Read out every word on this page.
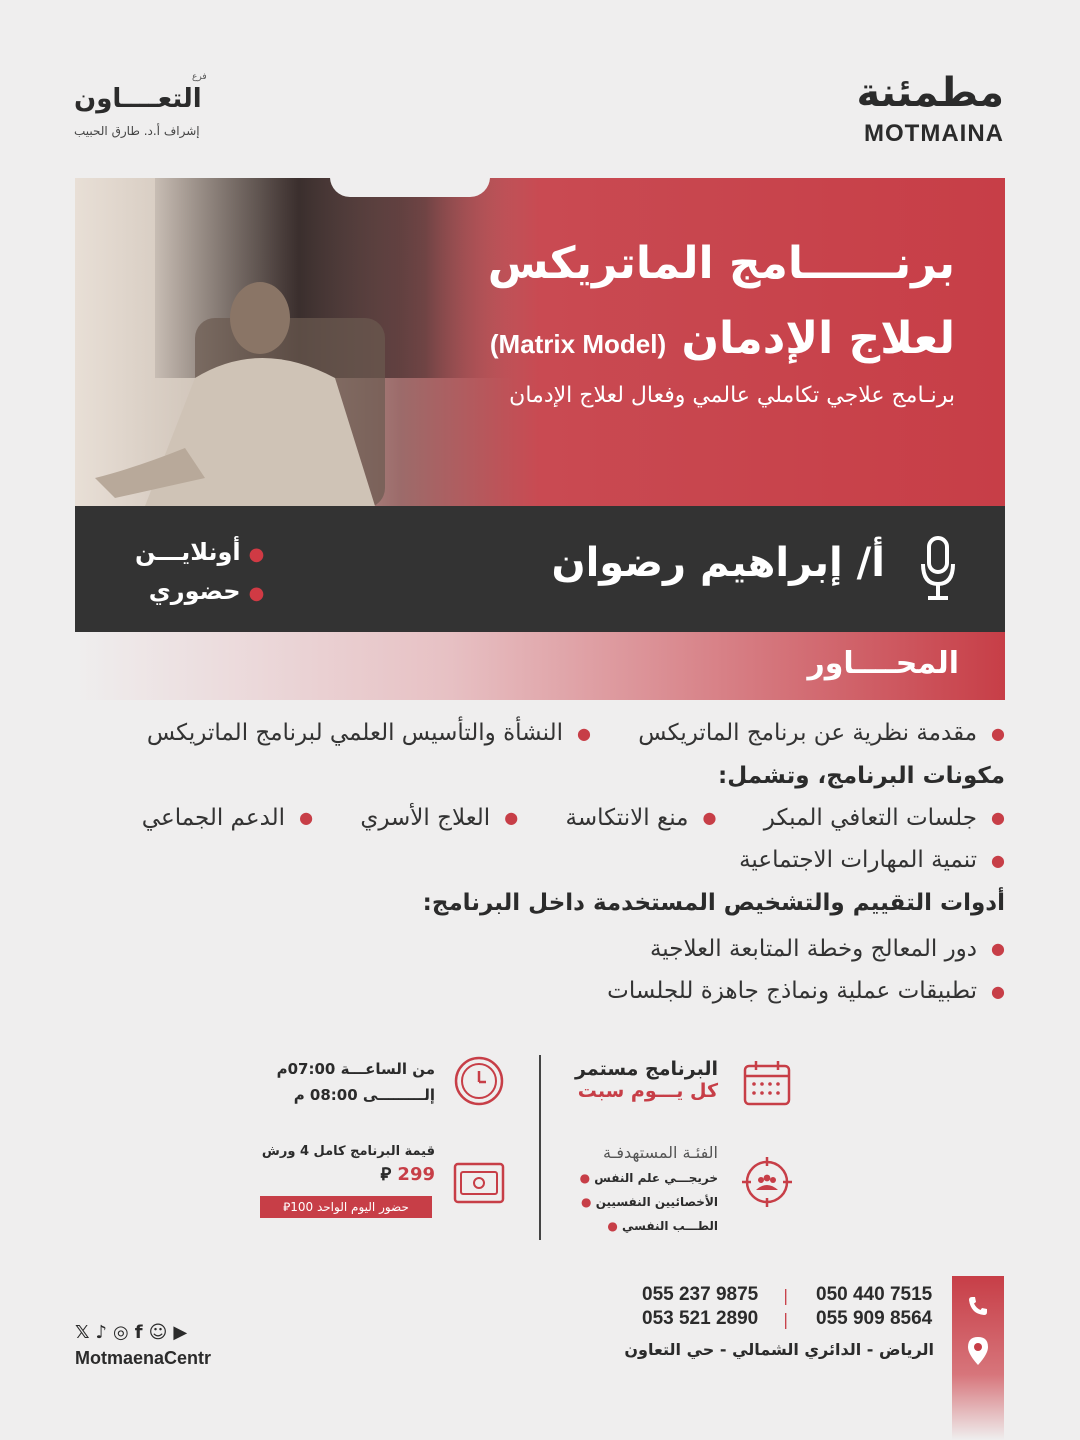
مطمئنة
MOTMAINA
فرع
التعــــاون
إشراف أ.د. طارق الحبيب
برنــــــامج الماتريكس
لعلاج الإدمان (Matrix Model)
برنـامج علاجي تكاملي عالمي وفعال لعلاج الإدمان
أ/ إبراهيم رضوان
●أونلايـــن
●حضوري
المحــــاور
●مقدمة نظرية عن برنامج الماتريكس ●النشأة والتأسيس العلمي لبرنامج الماتريكس
مكونات البرنامج، وتشمل:
●جلسات التعافي المبكر ●منع الانتكاسة ●العلاج الأسري ●الدعم الجماعي
●تنمية المهارات الاجتماعية
أدوات التقييم والتشخيص المستخدمة داخل البرنامج:
●دور المعالج وخطة المتابعة العلاجية
●تطبيقات عملية ونماذج جاهزة للجلسات
البرنامج مستمر
كل يـــوم سبت
من الساعـــة 07:00م
إلـــــــــى 08:00 م
الفئـة المستهدفـة
خريجـــي علم النفس ●
الأخصائيين النفسيين ●
الطـــب النفسي ●
قيمة البرنامج كامل 4 ورش
299 ⃁
حضور اليوم الواحد 100⃁
050 440 7515
055 909 8564
|
|
055 237 9875
053 521 2890
الرياض - الدائري الشمالي - حي التعاون
𝕏 ♪ ◎ f ☺ ▶
MotmaenaCentr
